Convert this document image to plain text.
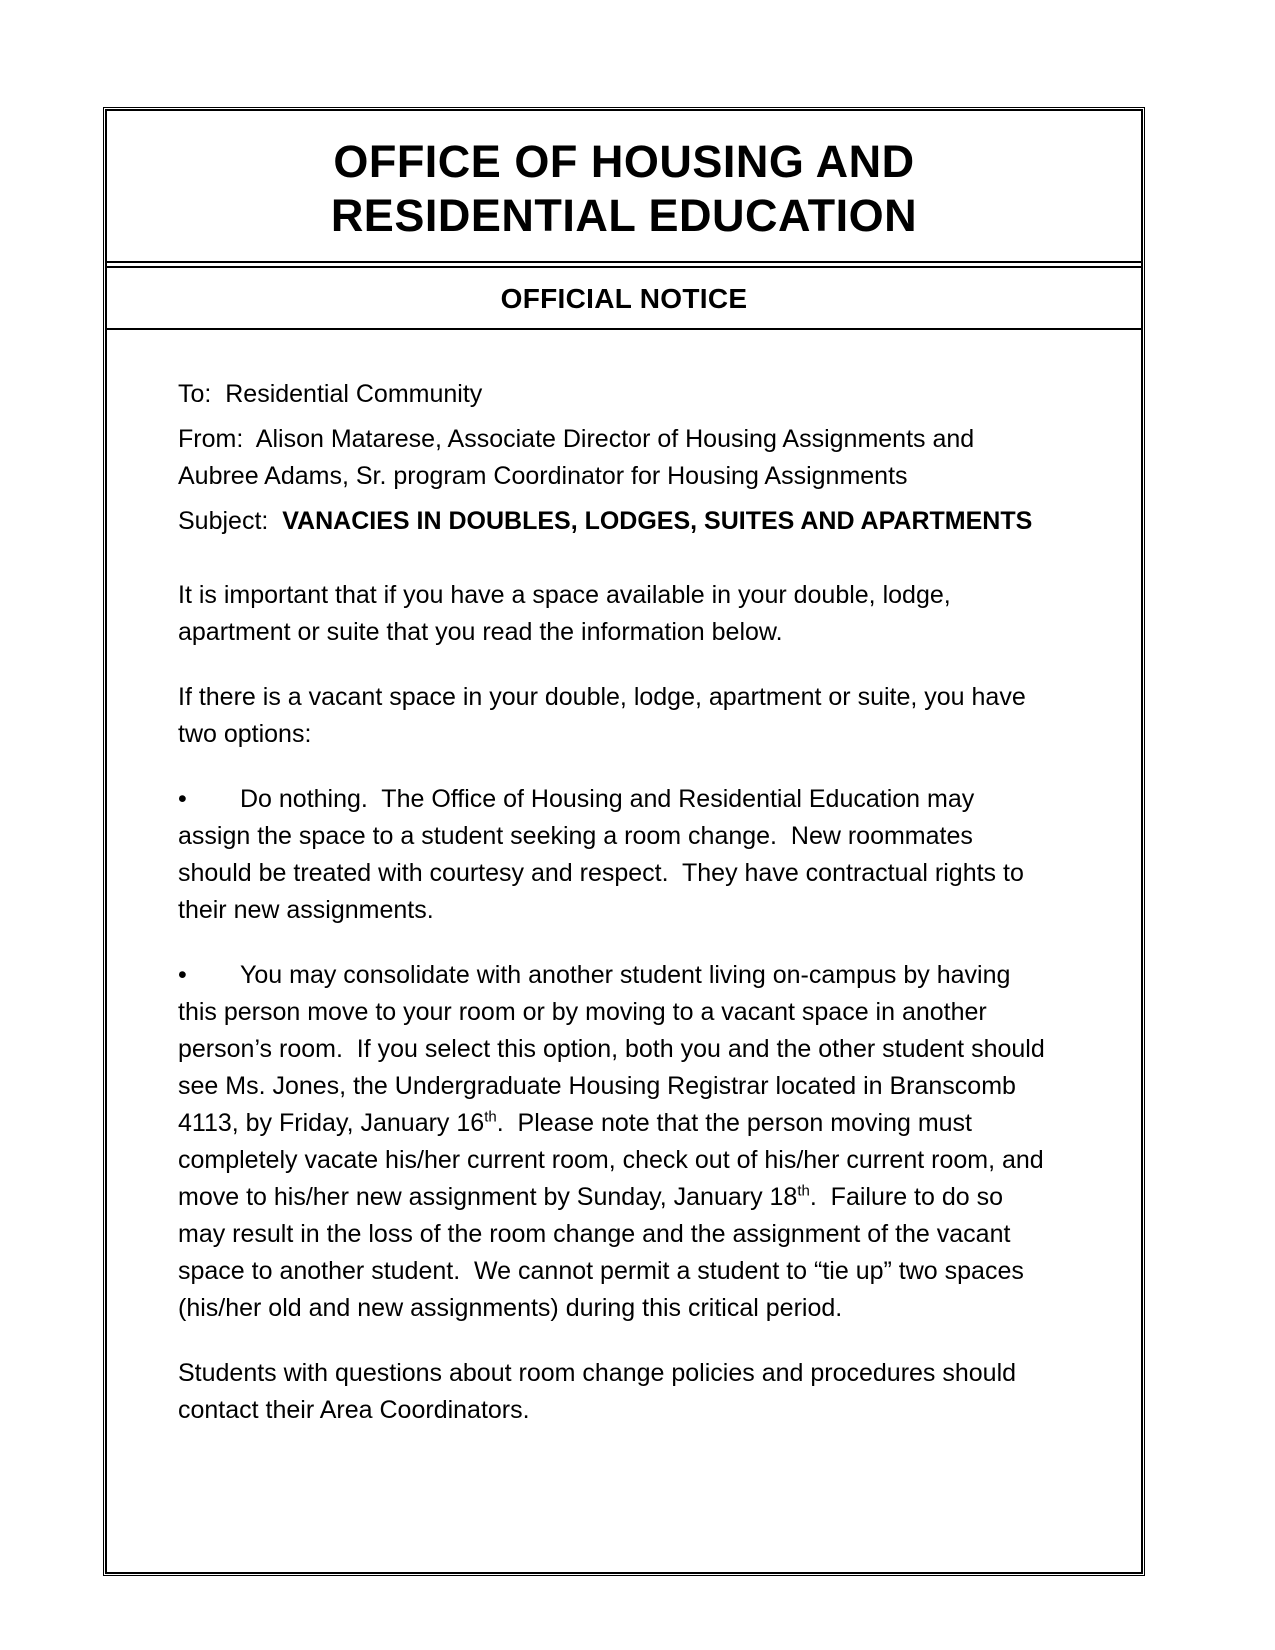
OFFICE OF HOUSING AND
RESIDENTIAL EDUCATION
OFFICIAL NOTICE

To:  Residential Community

From:  Alison Matarese, Associate Director of Housing Assignments and Aubree Adams, Sr. program Coordinator for Housing Assignments

Subject:  VANACIES IN DOUBLES, LODGES, SUITES AND APARTMENTS

It is important that if you have a space available in your double, lodge, apartment or suite that you read the information below.

If there is a vacant space in your double, lodge, apartment or suite, you have two options:

• Do nothing.  The Office of Housing and Residential Education may assign the space to a student seeking a room change.  New roommates should be treated with courtesy and respect.  They have contractual rights to their new assignments.

• You may consolidate with another student living on-campus by having this person move to your room or by moving to a vacant space in another person’s room.  If you select this option, both you and the other student should see Ms. Jones, the Undergraduate Housing Registrar located in Branscomb 4113, by Friday, January 16th.  Please note that the person moving must completely vacate his/her current room, check out of his/her current room, and move to his/her new assignment by Sunday, January 18th.  Failure to do so may result in the loss of the room change and the assignment of the vacant space to another student.  We cannot permit a student to “tie up” two spaces (his/her old and new assignments) during this critical period.

Students with questions about room change policies and procedures should contact their Area Coordinators.
